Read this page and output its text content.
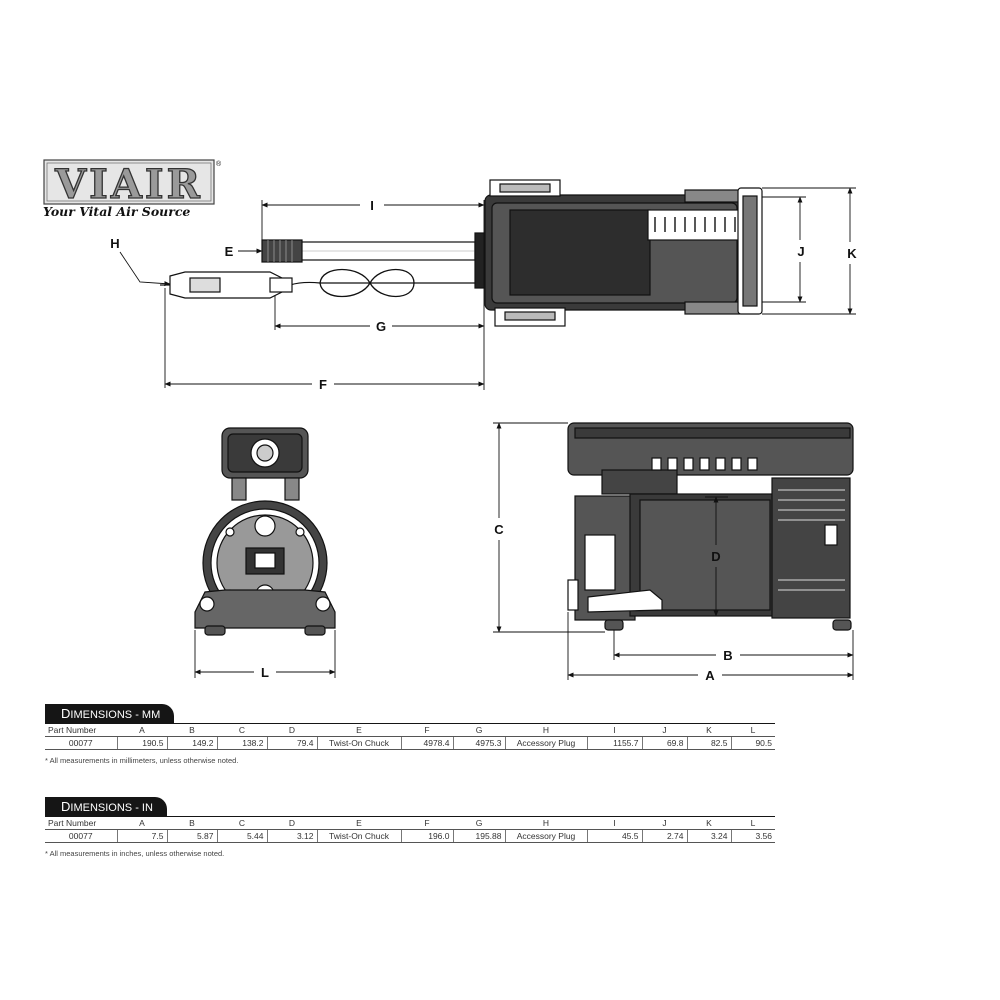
VIAIR ®
Your Vital Air Source	I
E
H
G
F
J	K
L
C
D
B
A
DIMENSIONS - MM
Part Number	A	B	C	D	E	F	G	H	I	J	K	L
00077	190.5	149.2	138.2	79.4	Twist-On Chuck	4978.4	4975.3	Accessory Plug	1155.7	69.8	82.5	90.5
* All measurements in millimeters, unless otherwise noted.
DIMENSIONS - IN
Part Number	A	B	C	D	E	F	G	H	I	J	K	L
00077	7.5	5.87	5.44	3.12	Twist-On Chuck	196.0	195.88	Accessory Plug	45.5	2.74	3.24	3.56
* All measurements in inches, unless otherwise noted.
